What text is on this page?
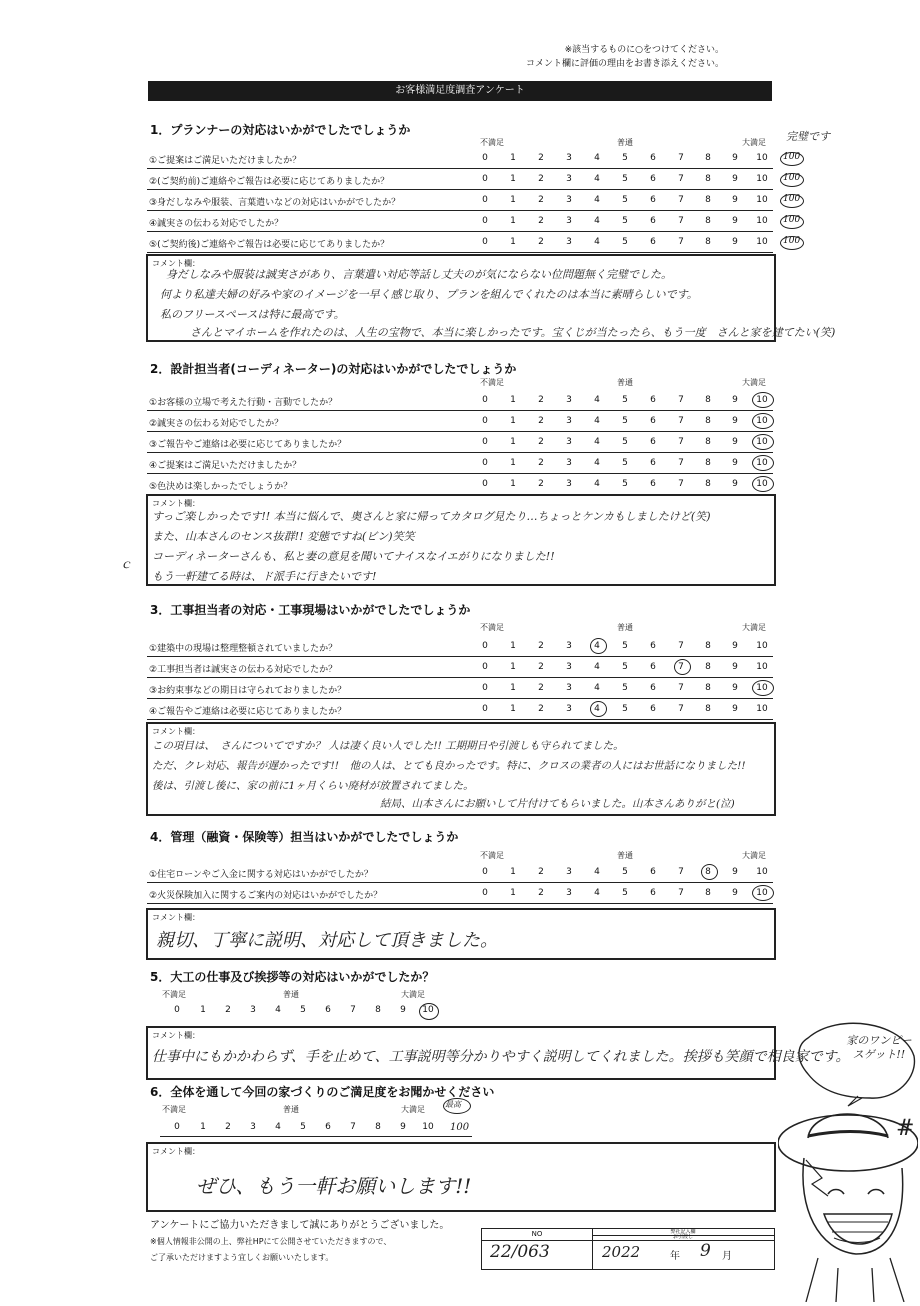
※該当するものに○をつけてください。
コメント欄に評価の理由をお書き添えください。
お客様満足度調査アンケート
1．プランナーの対応はいかがでしたでしょうか
不満足	普通	大満足 完璧です
①ご提案はご満足いただけましたか？	0	1	2	3	4	5	6	7	8	9	10 100
②(ご契約前)ご連絡やご報告は必要に応じてありましたか？	0	1	2	3	4	5	6	7	8	9	10 100
③身だしなみや服装、言葉遣いなどの対応はいかがでしたか？	0	1	2	3	4	5	6	7	8	9	10 100
④誠実さの伝わる対応でしたか？	0	1	2	3	4	5	6	7	8	9	10 100
⑤(ご契約後)ご連絡やご報告は必要に応じてありましたか？	0	1	2	3	4	5	6	7	8	9	10 100
コメント欄：
身だしなみや服装は誠実さがあり、言葉遣い対応等話し丈夫のが気にならない位問題無く完璧でした。
何より私達夫婦の好みや家のイメージを一早く感じ取り、プランを組んでくれたのは本当に素晴らしいです。
私のフリースペースは特に最高です。
さんとマイホームを作れたのは、人生の宝物で、本当に楽しかったです。宝くじが当たったら、もう一度　さんと家を建てたい(笑)
2．設計担当者(コーディネーター)の対応はいかがでしたでしょうか
不満足	普通	大満足
①お客様の立場で考えた行動・言動でしたか？	0	1	2	3	4	5	6	7	8	9	10
②誠実さの伝わる対応でしたか？	0	1	2	3	4	5	6	7	8	9	10
③ご報告やご連絡は必要に応じてありましたか？	0	1	2	3	4	5	6	7	8	9	10
④ご提案はご満足いただけましたか？	0	1	2	3	4	5	6	7	8	9	10
⑤色決めは楽しかったでしょうか？	0	1	2	3	4	5	6	7	8	9	10
コメント欄：
すっご楽しかったです!! 本当に悩んで、奥さんと家に帰ってカタログ見たり…ちょっとケンカもしましたけど(笑)
また、山本さんのセンス抜群!! 変態ですね(ビン)笑笑
コーディネーターさんも、私と妻の意見を聞いてナイスなイエがりになりました!!
もう一軒建てる時は、ド派手に行きたいです!
3．工事担当者の対応・工事現場はいかがでしたでしょうか
不満足	普通	大満足
①建築中の現場は整理整頓されていましたか？	0	1	2	3	4	5	6	7	8	9	10
②工事担当者は誠実さの伝わる対応でしたか？	0	1	2	3	4	5	6	7	8	9	10
③お約束事などの期日は守られておりましたか？	0	1	2	3	4	5	6	7	8	9	10
④ご報告やご連絡は必要に応じてありましたか？	0	1	2	3	4	5	6	7	8	9	10
コメント欄：
この項目は、　さんについてですか？ 人は凄く良い人でした!! 工期期日や引渡しも守られてました。
ただ、クレ対応、報告が遅かったです!!　他の人は、とても良かったです。特に、クロスの業者の人にはお世話になりました!!
後は、引渡し後に、家の前に1ヶ月くらい廃材が放置されてました。
結局、山本さんにお願いして片付けてもらいました。山本さんありがと(泣)
4．管理（融資・保険等）担当はいかがでしたでしょうか
不満足	普通	大満足
①住宅ローンやご入金に関する対応はいかがでしたか？	0	1	2	3	4	5	6	7	8	9	10
②火災保険加入に関するご案内の対応はいかがでしたか？	0	1	2	3	4	5	6	7	8	9	10
コメント欄：
親切、丁寧に説明、対応して頂きました。
5．大工の仕事及び挨拶等の対応はいかがでしたか？
不満足	普通	大満足
0	1	2	3	4	5	6	7	8	9	10
コメント欄：
仕事中にもかかわらず、手を止めて、工事説明等分かりやすく説明してくれました。挨拶も笑顔で相良家です。
6．全体を通して今回の家づくりのご満足度をお聞かせください
不満足	普通	大満足
最高
0	1	2	3	4	5	6	7	8	9	10 100
コメント欄：
ぜひ、もう一軒お願いします!!
アンケートにご協力いただきまして誠にありがとうございました。
※個人情報非公開の上、弊社HPにて公開させていただきますので、
ご了承いただけますよう宜しくお願いいたします。
NO	弊社記入欄
お引渡し
22/063	2022	年 9 月
ｃ
家のワンピースゲット!!
#
